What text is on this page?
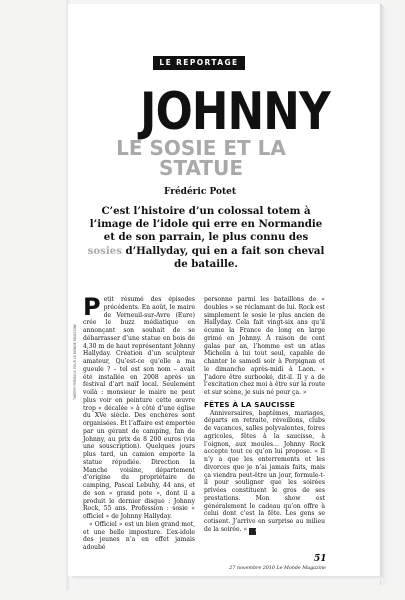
LE REPORTAGE
JOHNNY
LE SOSIE ET LA STATUE
Frédéric Potet
C’est l’histoire d’un colossal totem à l’image de l’idole qui erre en Normandie et de son parrain, le plus connu des sosies d’Hallyday, qui en a fait son cheval de bataille.

Petit résumé des épisodes précédents. En août, le maire de Verneuil-sur-Avre (Eure) crée le buzz médiatique en annonçant son souhait de se débarrasser d’une statue en bois de 4,30 m de haut représentant Johnny Hallyday. Création d’un sculpteur amateur, Qu’est-ce qu’elle a ma gueule ? – tel est son nom – avait été installée en 2008 après un festival d’art naïf local. Seulement voilà : monsieur le maire ne peut plus voir en peinture cette œuvre trop « décalée » à côté d’une église du XVe siècle. Des enchères sont organisées. Et l’affaire est emportée par un gérant de camping, fan de Johnny, au prix de 8 200 euros (via une souscription). Quelques jours plus tard, un camion emporte la statue répudiée. Direction la Manche voisine, département d’origine du propriétaire de camping, Pascal Lebuhy, 44 ans, et de son « grand pote », dont il a produit le dernier disque : Johnny Rock, 55 ans. Profession : sosie « officiel » de Johnny Hallyday.

« Officiel » est un bien grand mot, et une belle imposture. L’ex-idole des jeunes n’a en effet jamais adoubé

personne parmi les bataillons de « doubles » se réclamant de lui. Rock est simplement le sosie le plus ancien de Hallyday. Cela fait vingt-six ans qu’il écume la France de long en large grimé en Johnny. À raison de cent galas par an, l’homme est un atlas Michelin à lui tout seul, capable de chanter le samedi soir à Perpignan et le dimanche après-midi à Laon. « J’adore être surbooké, dit-il. Il y a de l’excitation chez moi à être sur la route et sur scène, je suis né pour ça. »

FÊTES À LA SAUCISSE

Anniversaires, baptêmes, mariages, départs en retraite, réveillons, clubs de vacances, salles polyvalentes, foires agricoles, fêtes à la saucisse, à l’oignon, aux moules… Johnny Rock accepte tout ce qu’on lui propose. « Il n’y a que les enterrements et les divorces que je n’ai jamais faits, mais ça viendra peut-être un jour, formule-t-il pour souligner que les soirées privées constituent le gros de ses prestations. Mon show est généralement le cadeau qu’on offre à celui dont c’est la fête. Les gens se cotisent. J’arrive en surprise au milieu de la soirée. » ⊙

THIERRY FRÉMAUX POUR LE MONDE MAGAZINE
51
27 novembre 2010 Le Monde Magazine
